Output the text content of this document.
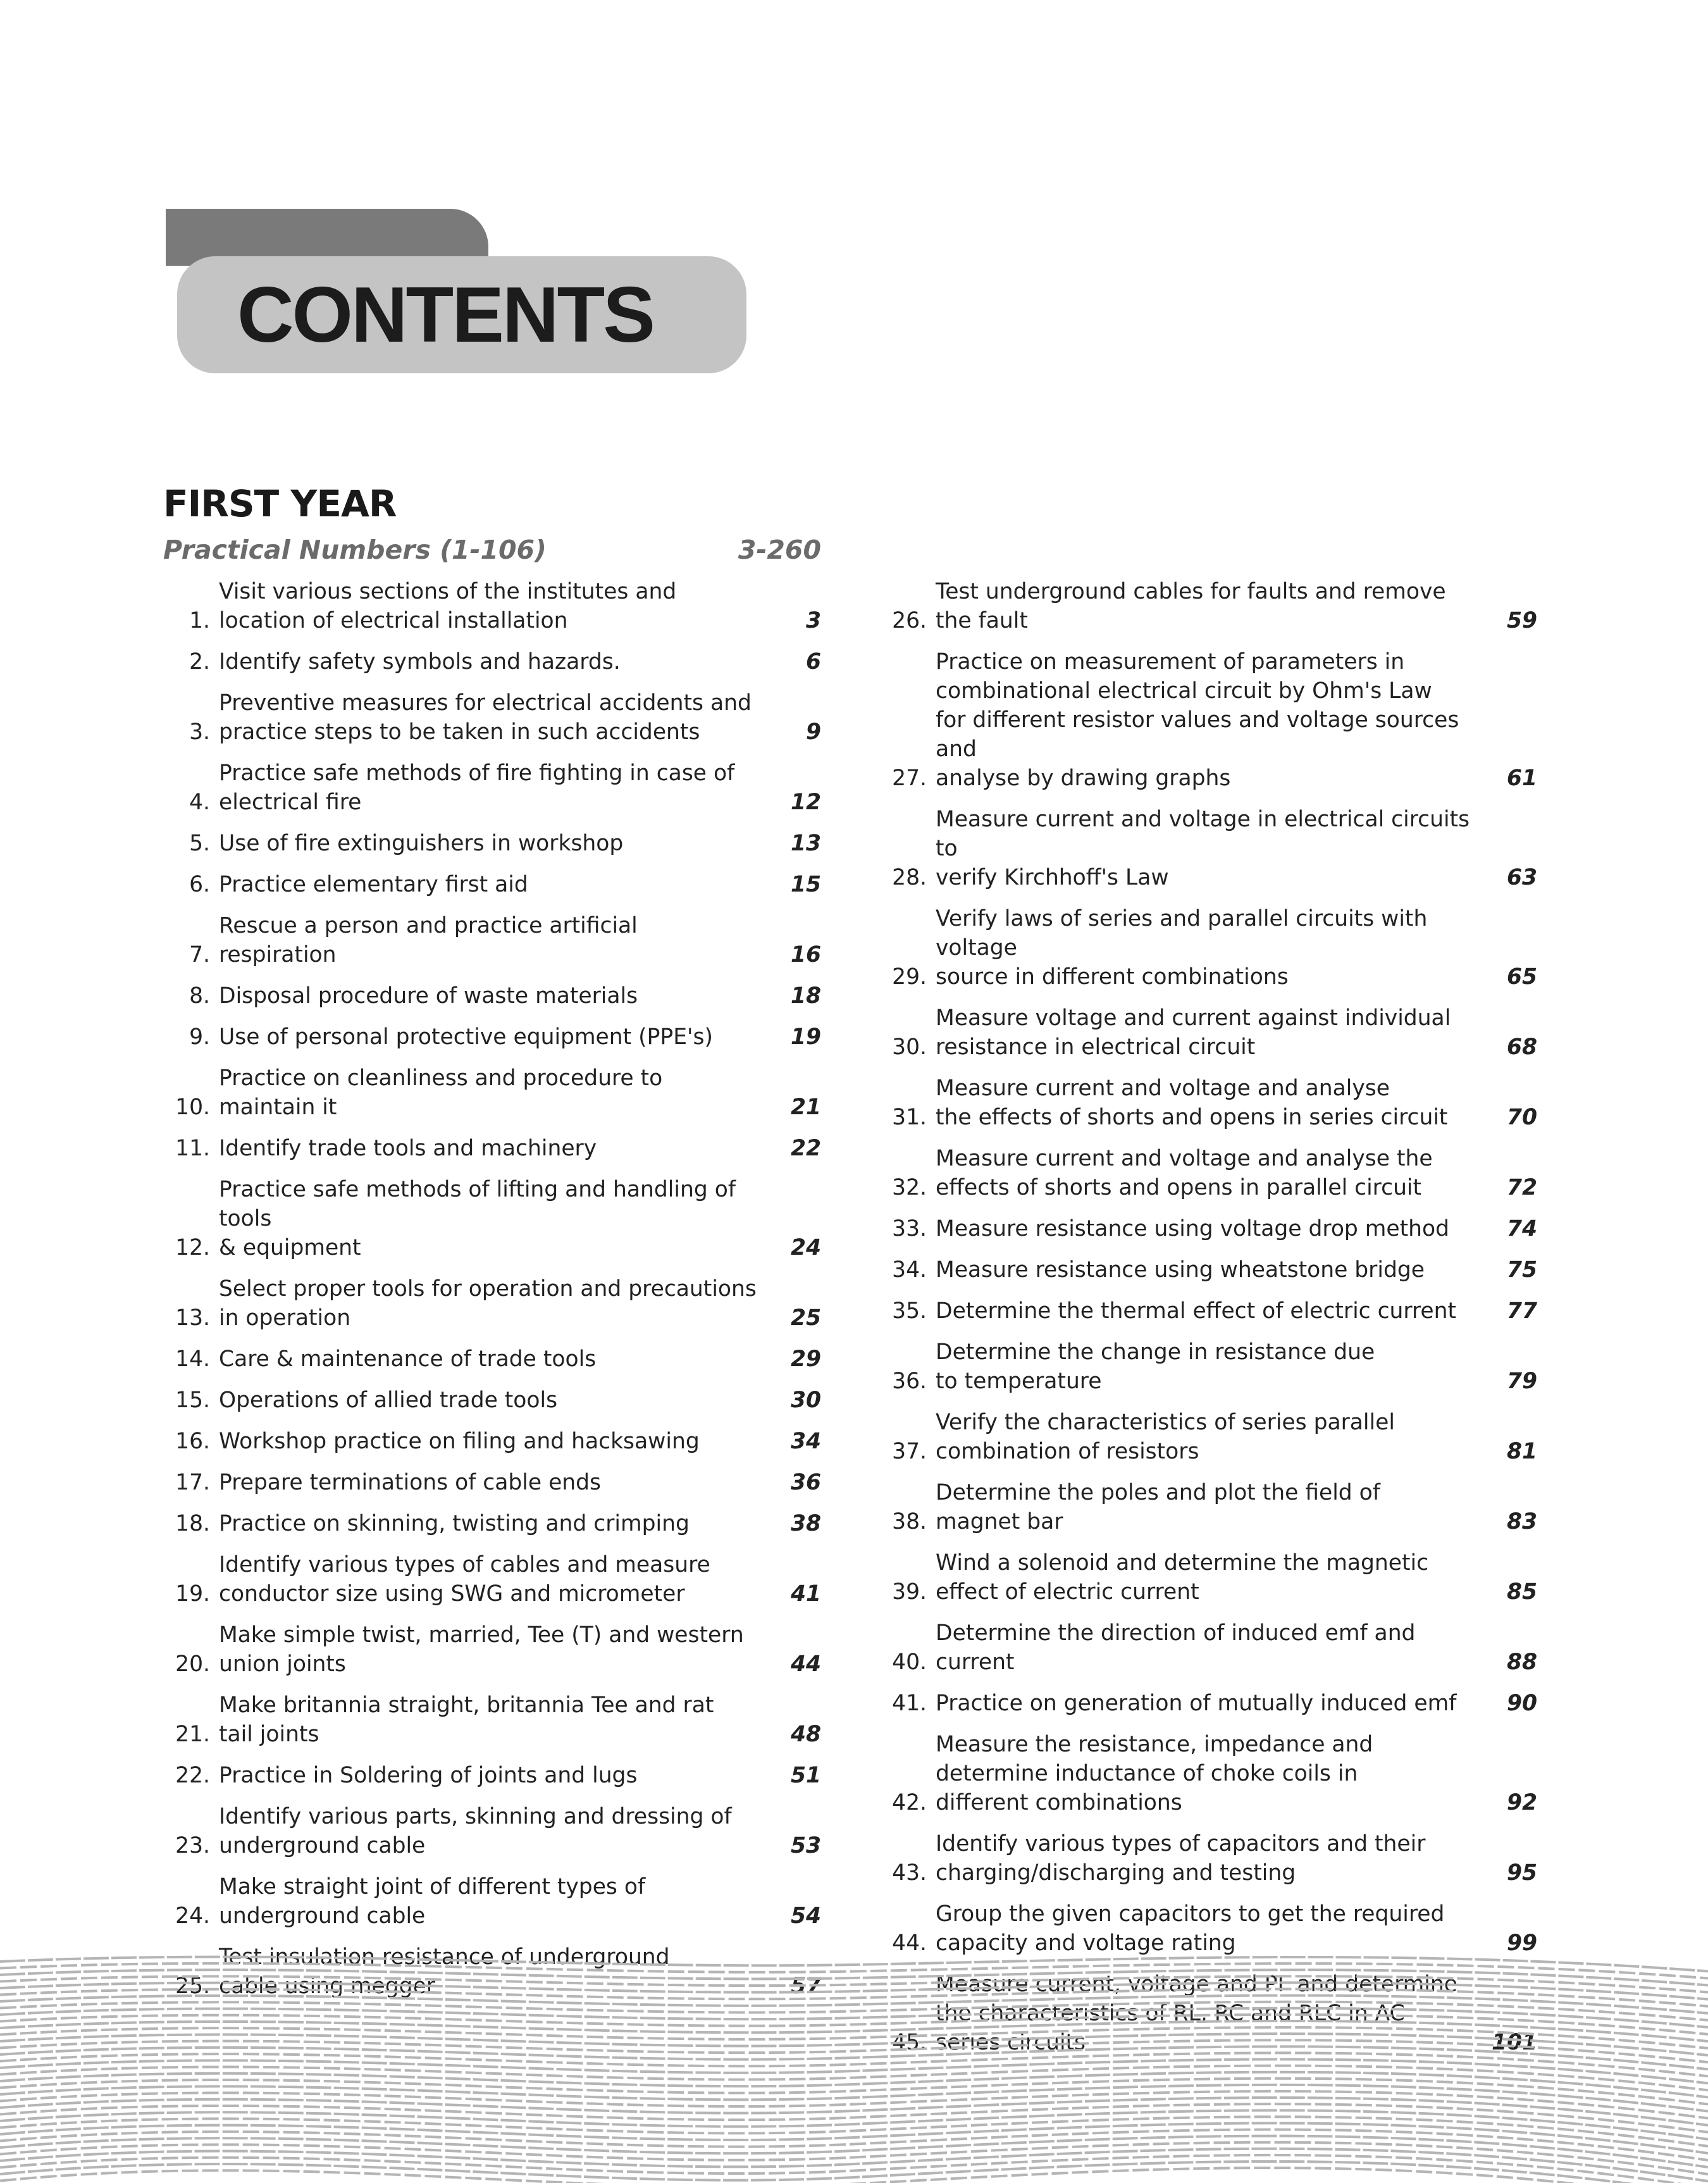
CONTENTS
FIRST YEAR
Practical Numbers (1-106)	3-260
1.
Visit various sections of the institutes and
location of electrical installation	3
2. Identify safety symbols and hazards.	6
3.
Preventive measures for electrical accidents and
practice steps to be taken in such accidents	9
4.
Practice safe methods of fire fighting in case of
electrical fire	12
5. Use of fire extinguishers in workshop	13
6. Practice elementary first aid	15
7.
Rescue a person and practice artificial respiration	16
8. Disposal procedure of waste materials	18
9. Use of personal protective equipment (PPE's)	19
10.
Practice on cleanliness and procedure to maintain it	21
11. Identify trade tools and machinery	22
12.
Practice safe methods of lifting and handling of tools
& equipment	24
13.
Select proper tools for operation and precautions
in operation	25
14. Care & maintenance of trade tools	29
15. Operations of allied trade tools	30
16. Workshop practice on filing and hacksawing	34
17. Prepare terminations of cable ends	36
18. Practice on skinning, twisting and crimping	38
19.
Identify various types of cables and measure
conductor size using SWG and micrometer	41
20.
Make simple twist, married, Tee (T) and western
union joints	44
21.
Make britannia straight, britannia Tee and rat
tail joints	48
22. Practice in Soldering of joints and lugs	51
23.
Identify various parts, skinning and dressing of
underground cable	53
24.
Make straight joint of different types of
underground cable	54
25.
Test insulation resistance of underground
cable using megger	57
26.
Test underground cables for faults and remove
the fault	59
27.
Practice on measurement of parameters in
combinational electrical circuit by Ohm's Law
for different resistor values and voltage sources and
analyse by drawing graphs	61
28.
Measure current and voltage in electrical circuits to
verify Kirchhoff's Law	63
29.
Verify laws of series and parallel circuits with voltage
source in different combinations	65
30.
Measure voltage and current against individual
resistance in electrical circuit	68
31.
Measure current and voltage and analyse
the effects of shorts and opens in series circuit	70
32.
Measure current and voltage and analyse the
effects of shorts and opens in parallel circuit	72
33. Measure resistance using voltage drop method	74
34. Measure resistance using wheatstone bridge	75
35. Determine the thermal effect of electric current	77
36.
Determine the change in resistance due
to temperature	79
37.
Verify the characteristics of series parallel
combination of resistors	81
38.
Determine the poles and plot the field of
magnet bar	83
39.
Wind a solenoid and determine the magnetic
effect of electric current	85
40.
Determine the direction of induced emf and current	88
41. Practice on generation of mutually induced emf	90
42.
Measure the resistance, impedance and
determine inductance of choke coils in
different combinations	92
43.
Identify various types of capacitors and their
charging/discharging and testing	95
44.
Group the given capacitors to get the required
capacity and voltage rating	99
45.
Measure current, voltage and PF and determine
the characteristics of RL, RC and RLC in AC
series circuits	101
